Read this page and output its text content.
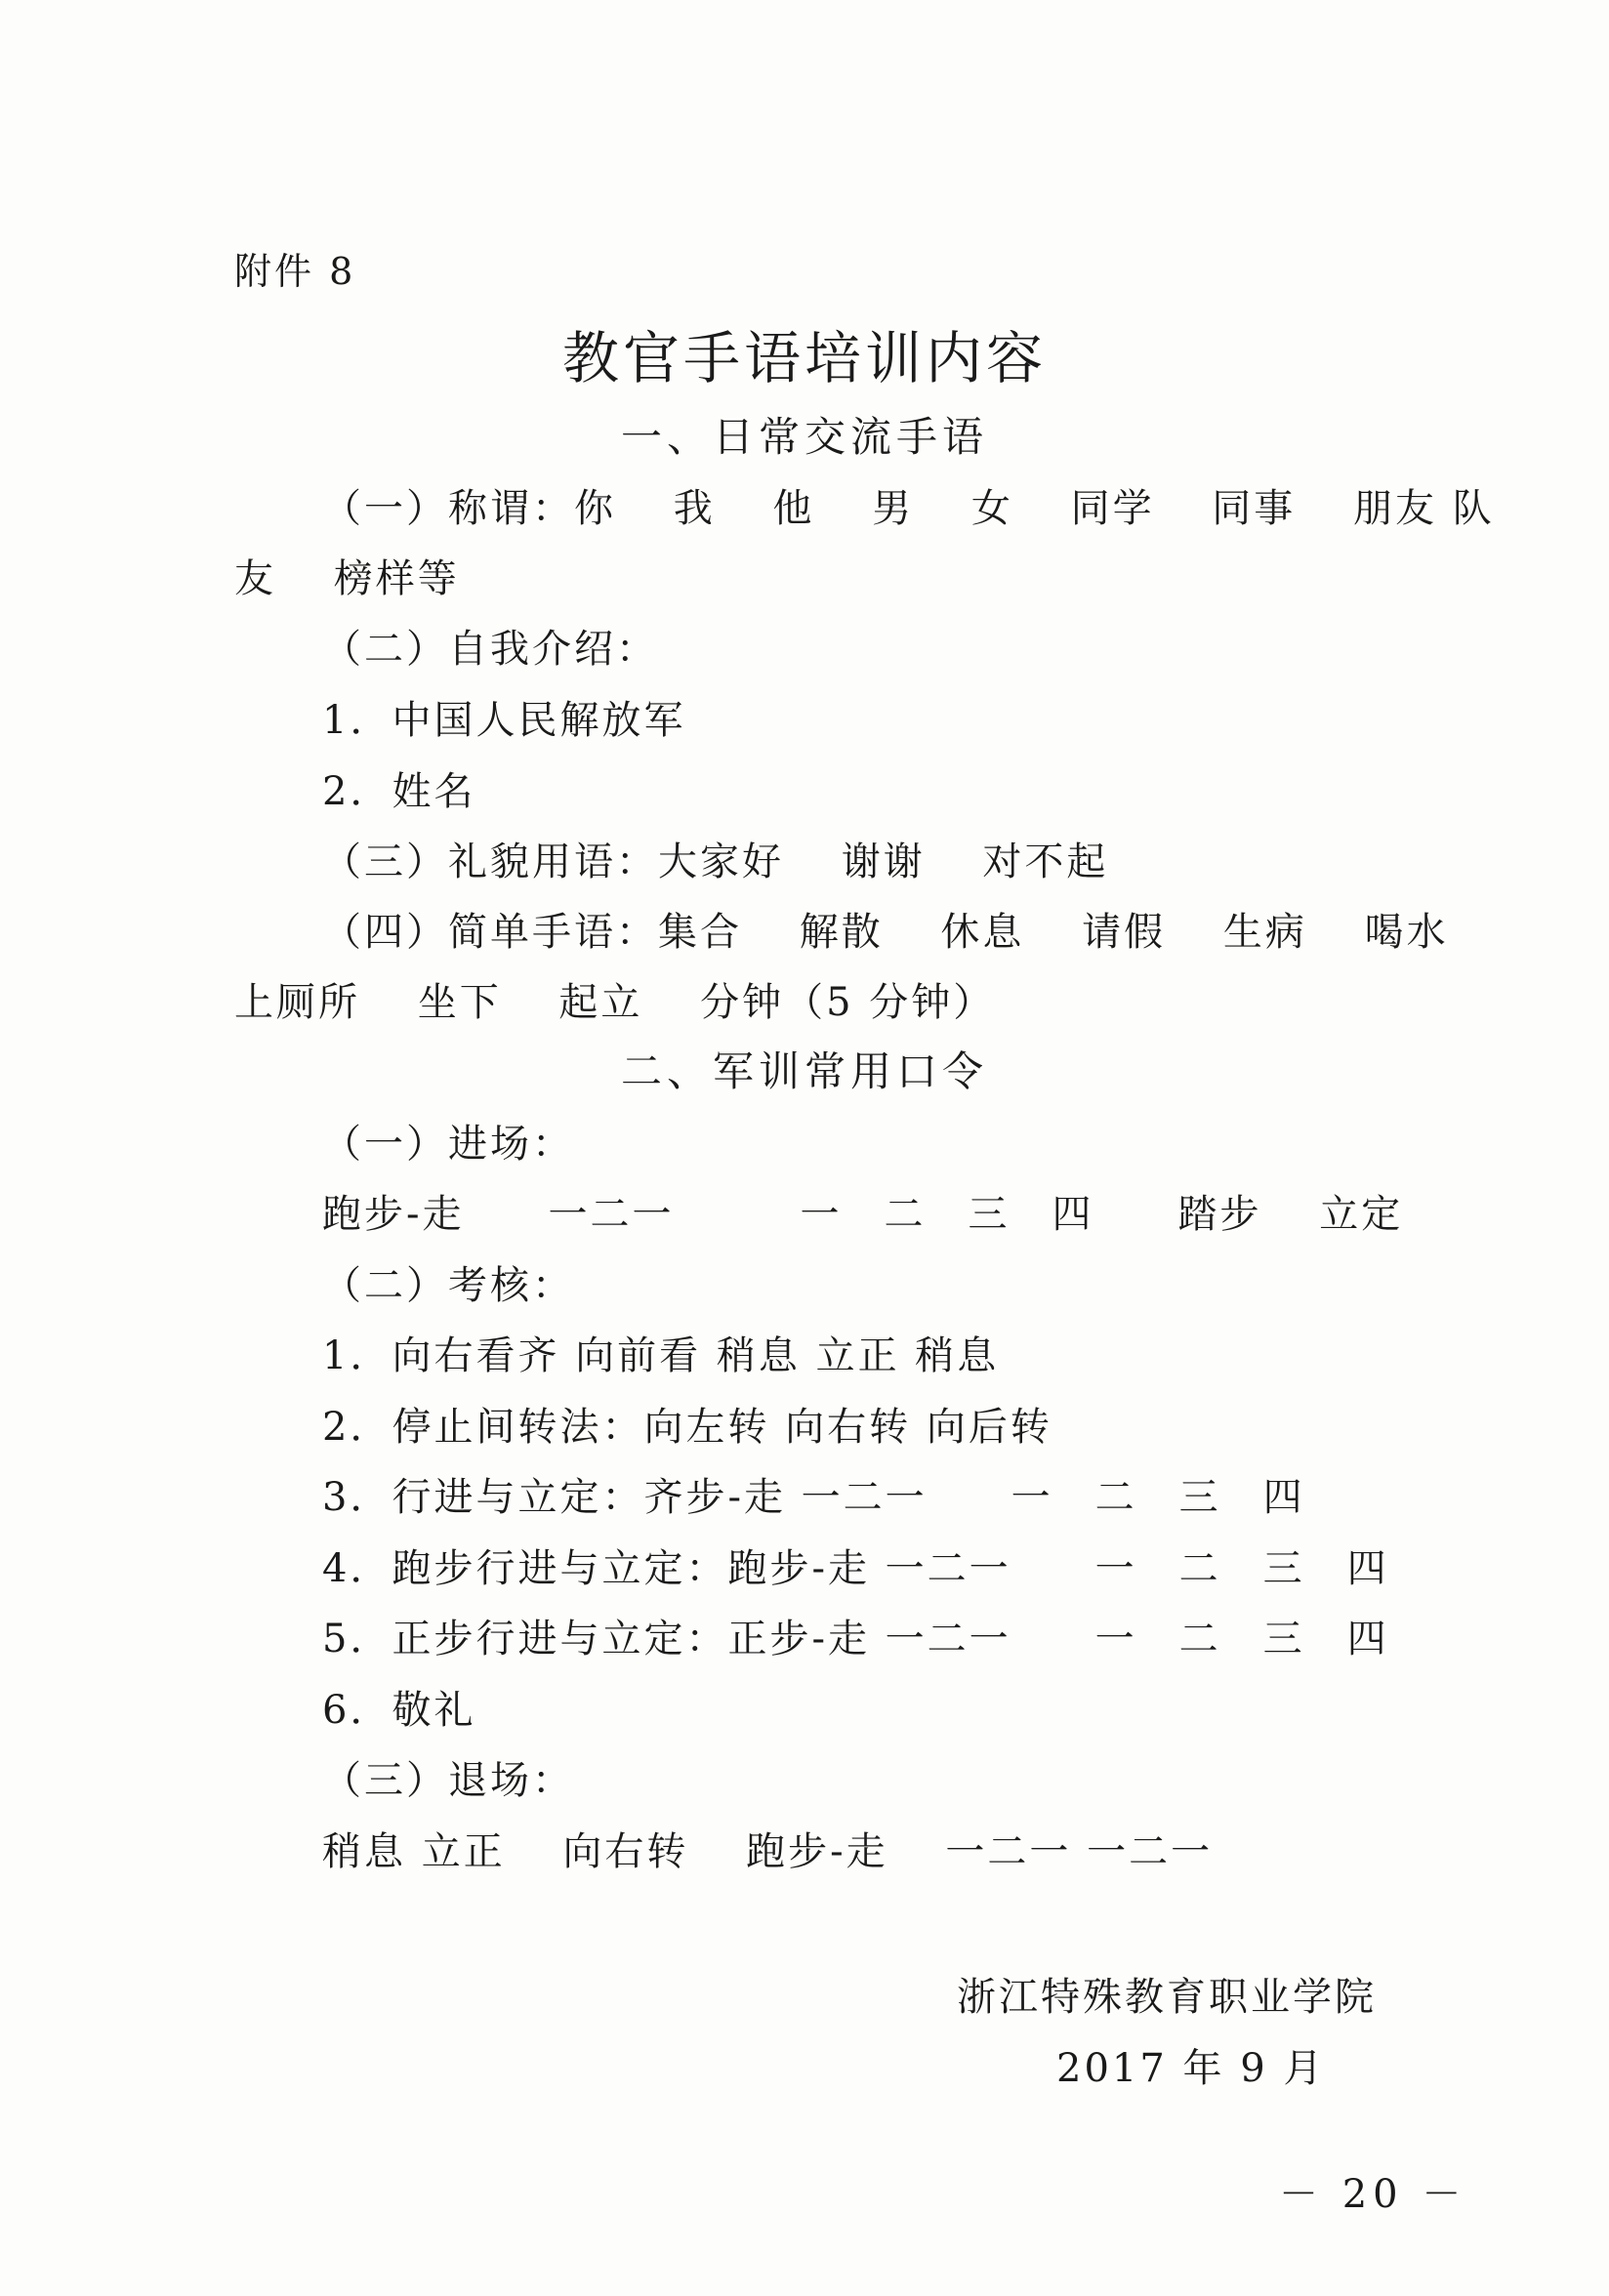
附件 8
教官手语培训内容
一、日常交流手语
（一）称谓：你　 我　 他　 男　 女　 同学　 同事　 朋友 队
友　 榜样等
（二）自我介绍：
1．中国人民解放军
2．姓名
（三）礼貌用语：大家好　 谢谢　 对不起
（四）简单手语：集合　 解散　 休息　 请假　 生病　 喝水
上厕所　 坐下　 起立　 分钟（5 分钟）
二、军训常用口令
（一）进场：
跑步-走　　一二一　　　一　二　三　四　　踏步　 立定
（二）考核：
1．向右看齐 向前看 稍息 立正 稍息
2．停止间转法：向左转 向右转 向后转
3．行进与立定：齐步-走 一二一　　一　二　三　四
4．跑步行进与立定：跑步-走 一二一　　一　二　三　四
5．正步行进与立定：正步-走 一二一　　一　二　三　四
6．敬礼
（三）退场：
稍息 立正　 向右转　 跑步-走　 一二一 一二一
浙江特殊教育职业学院
2017 年 9 月
－ 20 －
